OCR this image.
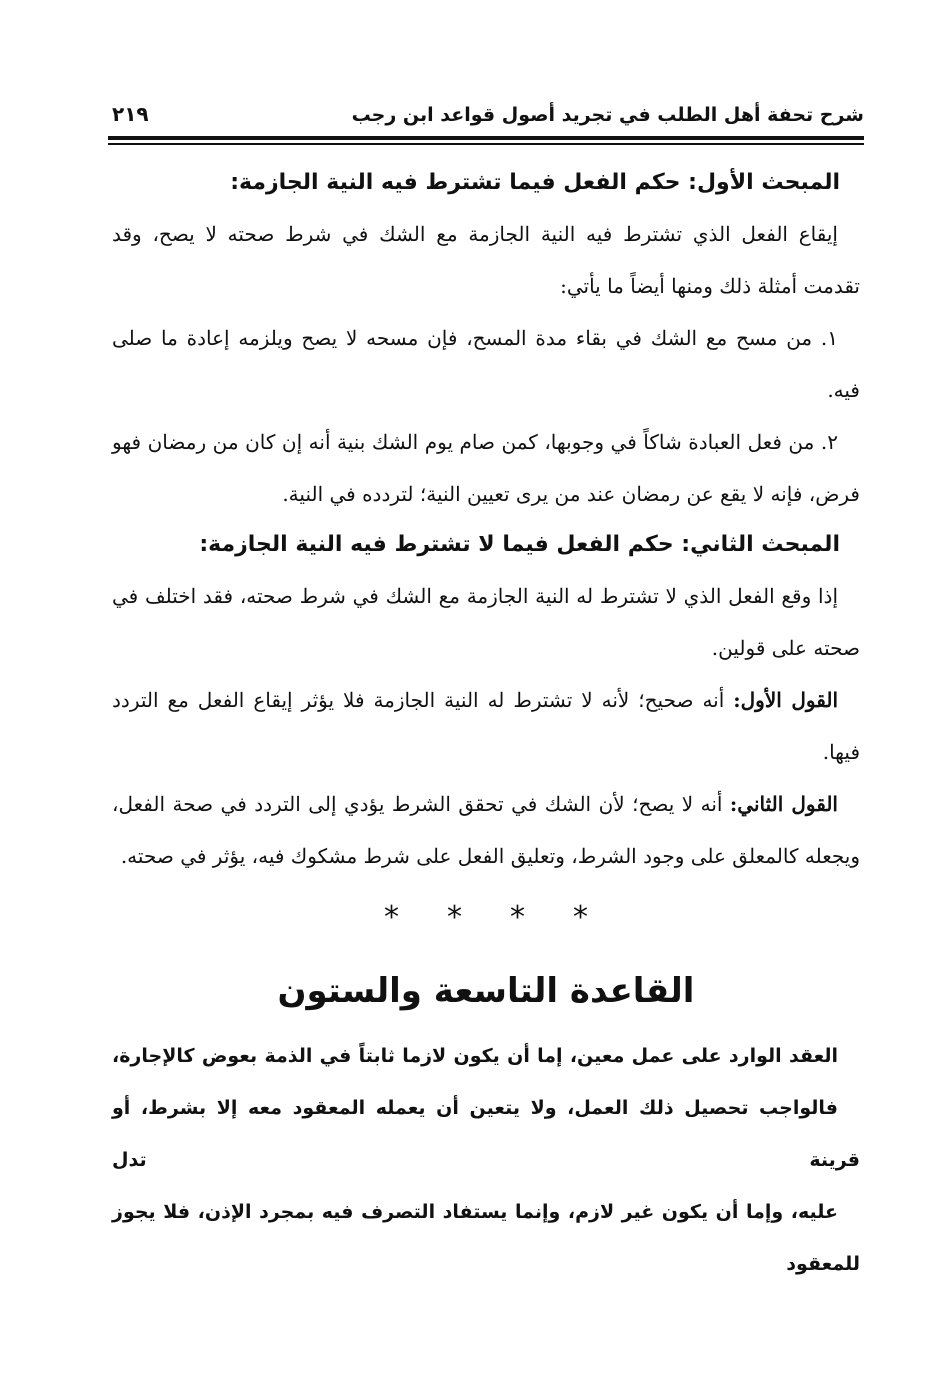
شرح تحفة أهل الطلب في تجريد أصول قواعد ابن رجب
٢١٩
المبحث الأول: حكم الفعل فيما تشترط فيه النية الجازمة:

إيقاع الفعل الذي تشترط فيه النية الجازمة مع الشك في شرط صحته لا يصح، وقد تقدمت أمثلة ذلك ومنها أيضاً ما يأتي:

١. من مسح مع الشك في بقاء مدة المسح، فإن مسحه لا يصح ويلزمه إعادة ما صلى فيه.

٢. من فعل العبادة شاكاً في وجوبها، كمن صام يوم الشك بنية أنه إن كان من رمضان فهو فرض، فإنه لا يقع عن رمضان عند من يرى تعيين النية؛ لتردده في النية.

المبحث الثاني: حكم الفعل فيما لا تشترط فيه النية الجازمة:

إذا وقع الفعل الذي لا تشترط له النية الجازمة مع الشك في شرط صحته، فقد اختلف في صحته على قولين.

القول الأول: أنه صحيح؛ لأنه لا تشترط له النية الجازمة فلا يؤثر إيقاع الفعل مع التردد فيها.

القول الثاني: أنه لا يصح؛ لأن الشك في تحقق الشرط يؤدي إلى التردد في صحة الفعل، ويجعله كالمعلق على وجود الشرط، وتعليق الفعل على شرط مشكوك فيه، يؤثر في صحته.

* * * *
القاعدة التاسعة والستون

العقد الوارد على عمل معين، إما أن يكون لازما ثابتاً في الذمة بعوض كالإجارة،

فالواجب تحصيل ذلك العمل، ولا يتعين أن يعمله المعقود معه إلا بشرط، أو قرينة تدل

عليه، وإما أن يكون غير لازم، وإنما يستفاد التصرف فيه بمجرد الإذن، فلا يجوز للمعقود
